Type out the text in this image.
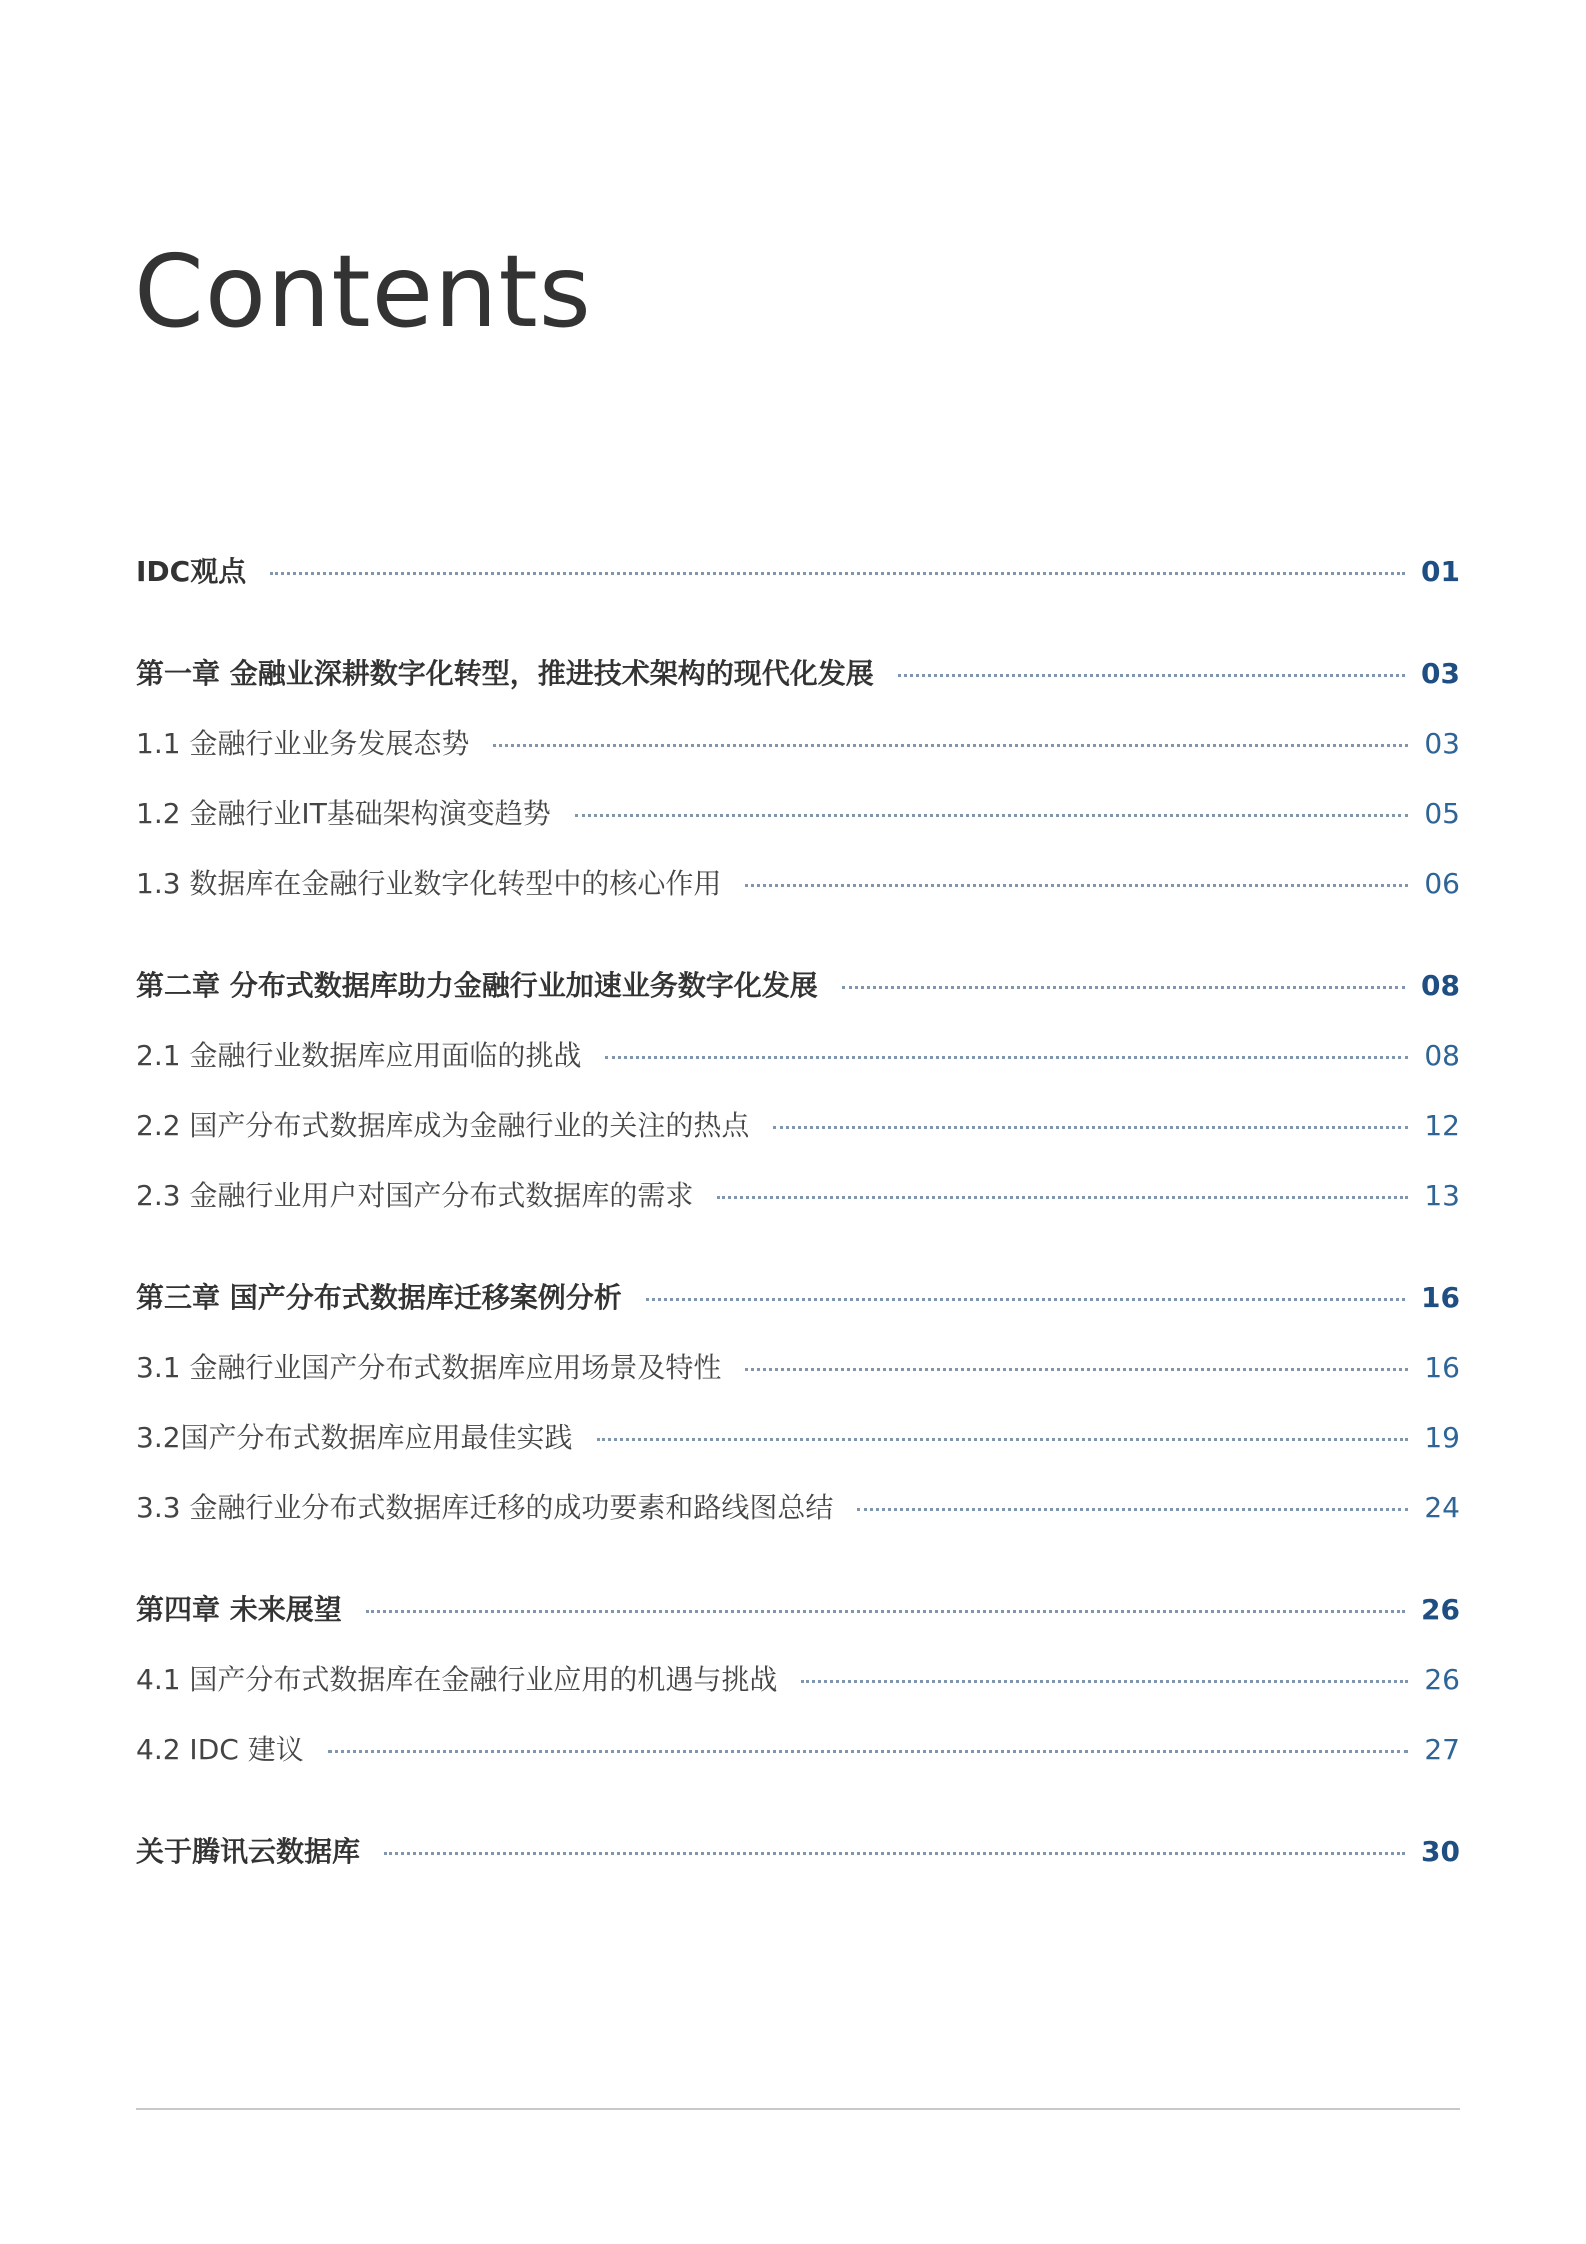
Contents
IDC观点	01
第一章 金融业深耕数字化转型，推进技术架构的现代化发展	03
1.1 金融行业业务发展态势	03
1.2 金融行业IT基础架构演变趋势	05
1.3 数据库在金融行业数字化转型中的核心作用	06
第二章 分布式数据库助力金融行业加速业务数字化发展	08
2.1 金融行业数据库应用面临的挑战	08
2.2 国产分布式数据库成为金融行业的关注的热点	12
2.3 金融行业用户对国产分布式数据库的需求	13
第三章 国产分布式数据库迁移案例分析	16
3.1 金融行业国产分布式数据库应用场景及特性	16
3.2国产分布式数据库应用最佳实践	19
3.3 金融行业分布式数据库迁移的成功要素和路线图总结	24
第四章 未来展望	26
4.1 国产分布式数据库在金融行业应用的机遇与挑战	26
4.2 IDC 建议	27
关于腾讯云数据库	30
